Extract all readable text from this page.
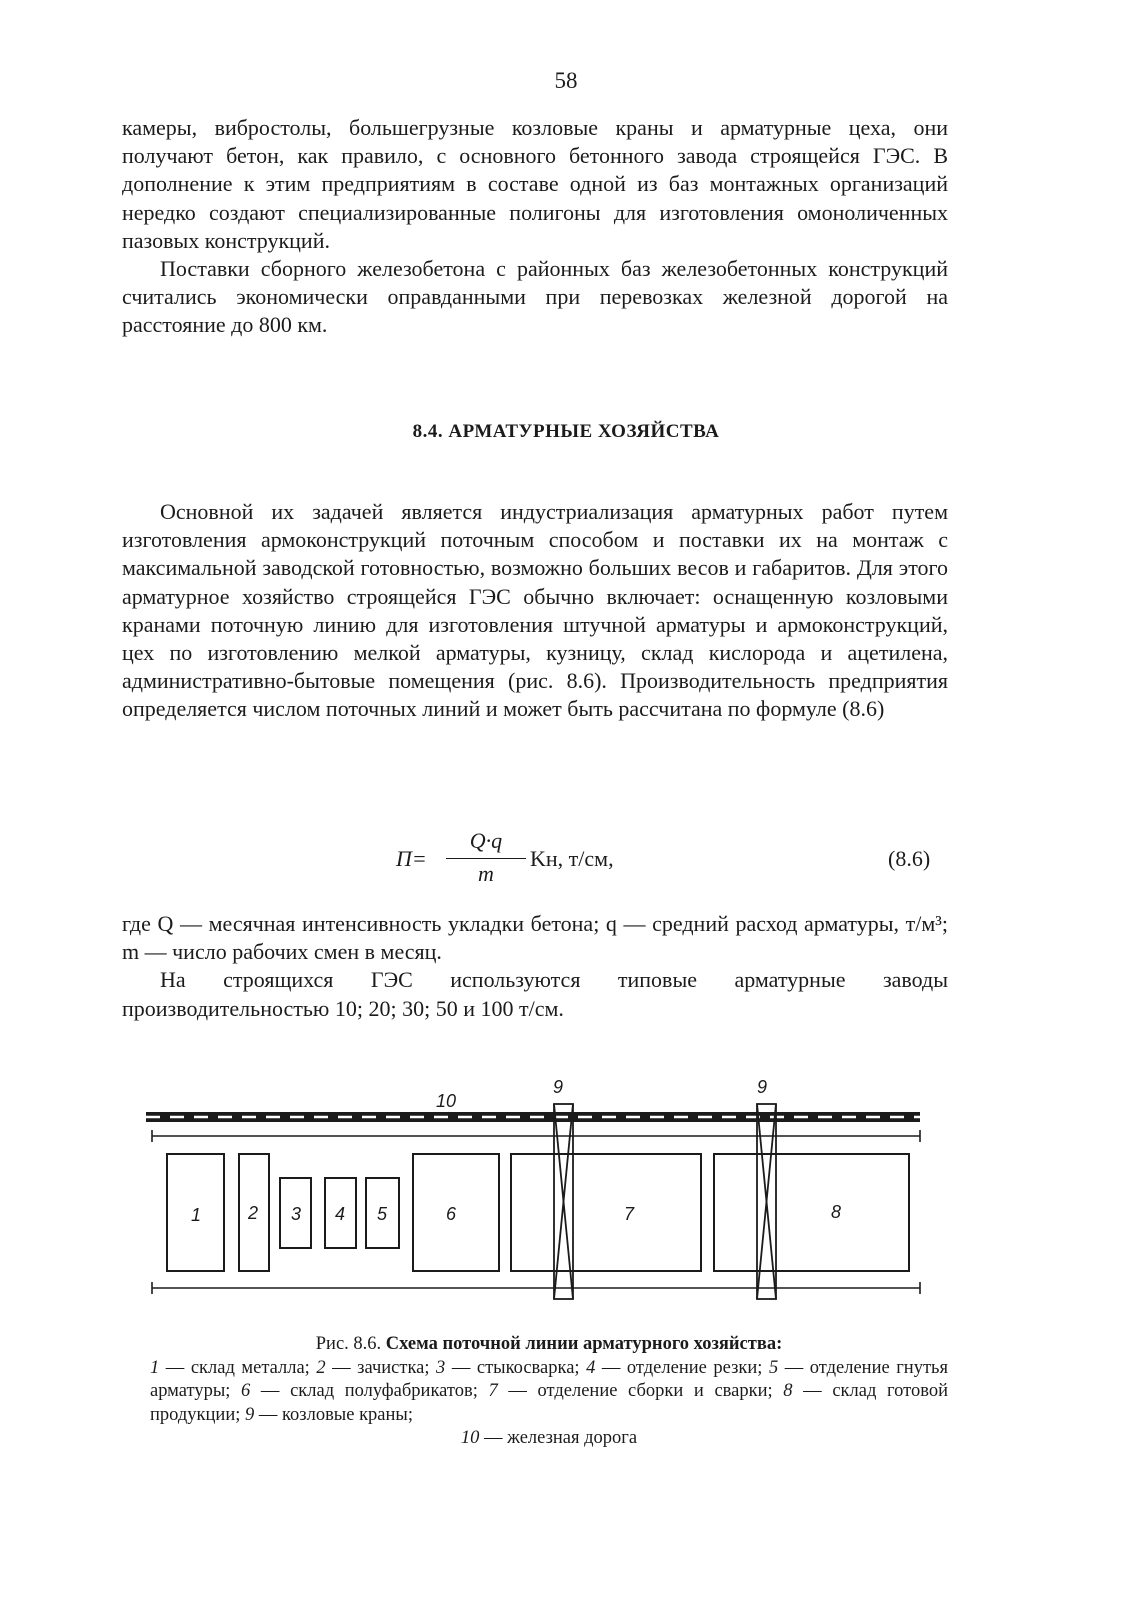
58

камеры, вибростолы, большегрузные козловые краны и арматурные цеха, они получают бетон, как правило, с основного бетонного завода строящейся ГЭС. В дополнение к этим предприятиям в составе одной из баз монтажных организаций нередко создают специализированные полигоны для изготовления омоноличенных пазовых конструкций.

Поставки сборного железобетона с районных баз железобетонных конструкций считались экономически оправданными при перевозках железной дорогой на расстояние до 800 км.

8.4. АРМАТУРНЫЕ ХОЗЯЙСТВА

Основной их задачей является индустриализация арматурных работ путем изготовления армоконструкций поточным способом и поставки их на монтаж с максимальной заводской готовностью, возможно больших весов и габаритов. Для этого арматурное хозяйство строящейся ГЭС обычно включает: оснащенную козловыми кранами поточную линию для изготовления штучной арматуры и армоконструкций, цех по изготовлению мелкой арматуры, кузницу, склад кислорода и ацетилена, административно-бытовые помещения (рис. 8.6). Производительность предприятия определяется числом поточных линий и может быть рассчитана по формуле (8.6)

П=
Q·q
m
Kн, т/см,	(8.6)

где Q — месячная интенсивность укладки бетона; q — средний расход арматуры, т/м³; m — число рабочих смен в месяц.

На строящихся ГЭС используются типовые арматурные заводы производительностью 10; 20; 30; 50 и 100 т/см.

10
9	9
1	2 3 4 5	6	7	8
Рис. 8.6. Схема поточной линии арматурного хозяйства:
1 — склад металла; 2 — зачистка; 3 — стыкосварка; 4 — отделение резки; 5 — отделение гнутья арматуры; 6 — склад полуфабрикатов; 7 — отделение сборки и сварки; 8 — склад готовой продукции; 9 — козловые краны;
10 — железная дорога
